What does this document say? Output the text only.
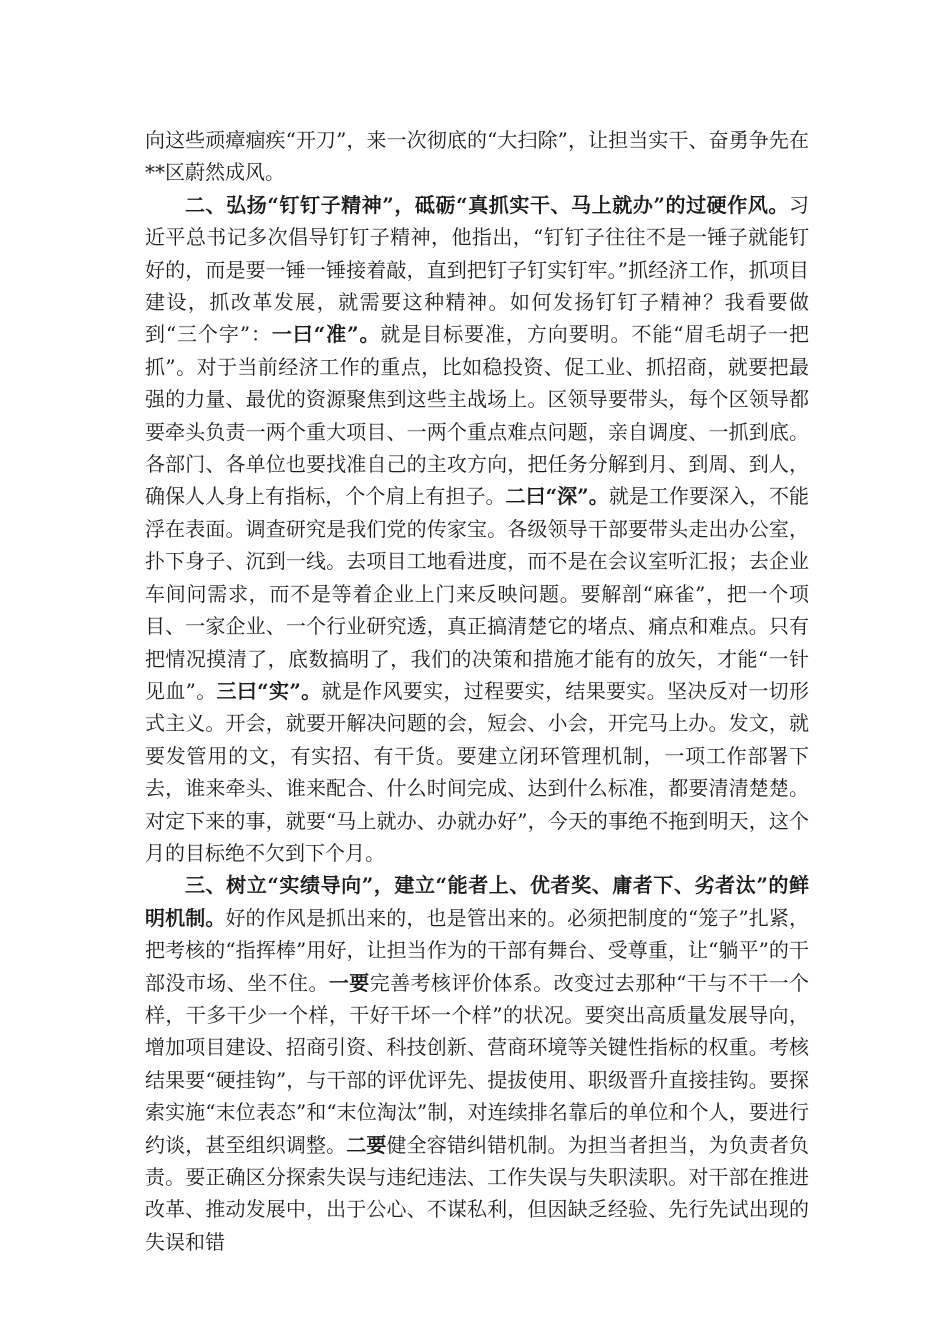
向这些顽瘴痼疾“开刀”，来一次彻底的“大扫除”，让担当实干、奋勇争先在**区蔚然成风。

二、弘扬“钉钉子精神”，砥砺“真抓实干、马上就办”的过硬作风。习近平总书记多次倡导钉钉子精神，他指出，“钉钉子往往不是一锤子就能钉好的，而是要一锤一锤接着敲，直到把钉子钉实钉牢。”抓经济工作，抓项目建设，抓改革发展，就需要这种精神。如何发扬钉钉子精神？我看要做到“三个字”：一曰“准”。就是目标要准，方向要明。不能“眉毛胡子一把抓”。对于当前经济工作的重点，比如稳投资、促工业、抓招商，就要把最强的力量、最优的资源聚焦到这些主战场上。区领导要带头，每个区领导都要牵头负责一两个重大项目、一两个重点难点问题，亲自调度、一抓到底。各部门、各单位也要找准自己的主攻方向，把任务分解到月、到周、到人，确保人人身上有指标，个个肩上有担子。二曰“深”。就是工作要深入，不能浮在表面。调查研究是我们党的传家宝。各级领导干部要带头走出办公室，扑下身子、沉到一线。去项目工地看进度，而不是在会议室听汇报；去企业车间问需求，而不是等着企业上门来反映问题。要解剖“麻雀”，把一个项目、一家企业、一个行业研究透，真正搞清楚它的堵点、痛点和难点。只有把情况摸清了，底数搞明了，我们的决策和措施才能有的放矢，才能“一针见血”。三曰“实”。就是作风要实，过程要实，结果要实。坚决反对一切形式主义。开会，就要开解决问题的会，短会、小会，开完马上办。发文，就要发管用的文，有实招、有干货。要建立闭环管理机制，一项工作部署下去，谁来牵头、谁来配合、什么时间完成、达到什么标准，都要清清楚楚。对定下来的事，就要“马上就办、办就办好”，今天的事绝不拖到明天，这个月的目标绝不欠到下个月。

三、树立“实绩导向”，建立“能者上、优者奖、庸者下、劣者汰”的鲜明机制。好的作风是抓出来的，也是管出来的。必须把制度的“笼子”扎紧，把考核的“指挥棒”用好，让担当作为的干部有舞台、受尊重，让“躺平”的干部没市场、坐不住。一要完善考核评价体系。改变过去那种“干与不干一个样，干多干少一个样，干好干坏一个样”的状况。要突出高质量发展导向，增加项目建设、招商引资、科技创新、营商环境等关键性指标的权重。考核结果要“硬挂钩”，与干部的评优评先、提拔使用、职级晋升直接挂钩。要探索实施“末位表态”和“末位淘汰”制，对连续排名靠后的单位和个人，要进行约谈，甚至组织调整。二要健全容错纠错机制。为担当者担当，为负责者负责。要正确区分探索失误与违纪违法、工作失误与失职渎职。对干部在推进改革、推动发展中，出于公心、不谋私利，但因缺乏经验、先行先试出现的失误和错
